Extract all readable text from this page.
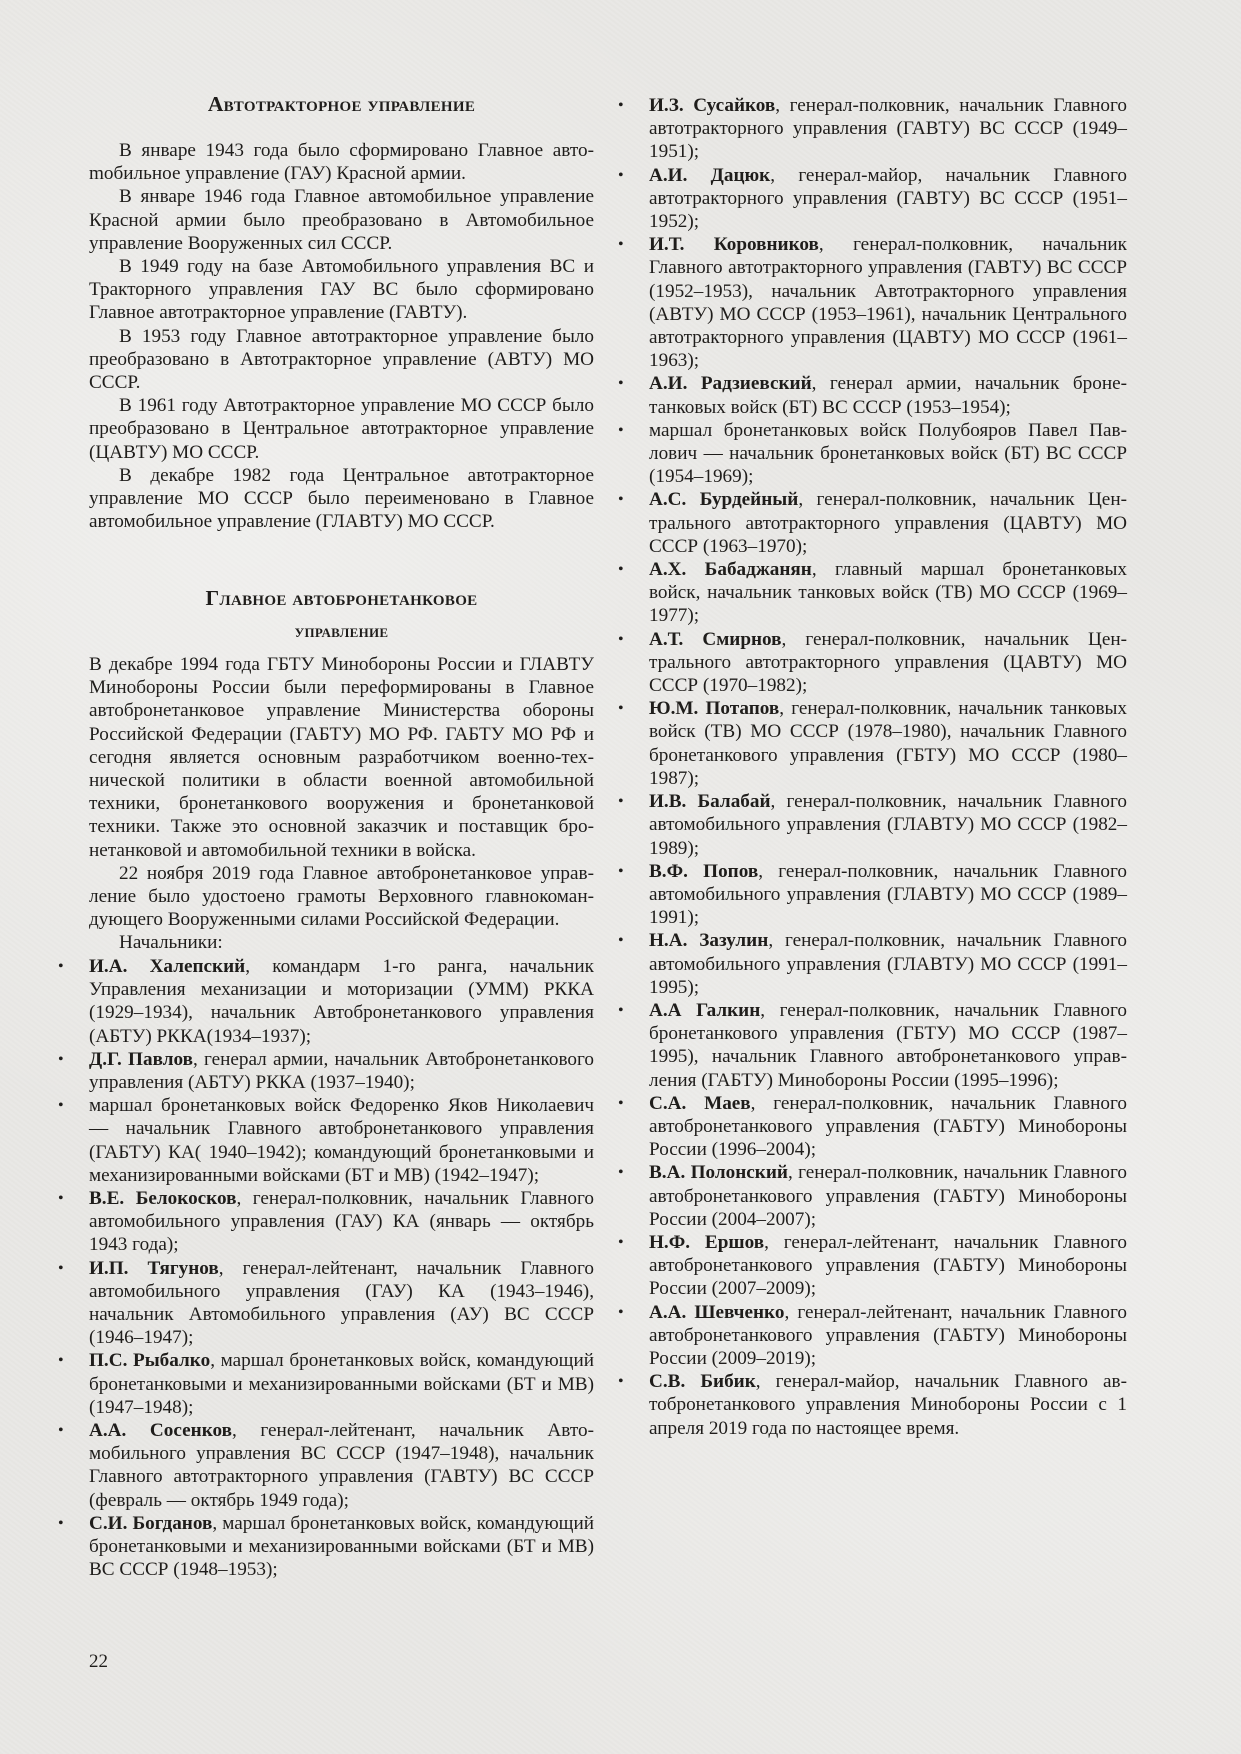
Автотракторное управление

В январе 1943 года было сформировано Главное автоmобильное управление (ГАУ) Красной армии.

В январе 1946 года Главное автомобильное управление Красной армии было преобразовано в Автомобильное управление Вооруженных сил СССР.

В 1949 году на базе Автомобильного управления ВС и Тракторного управления ГАУ ВС было сформировано Главное автотракторное управление (ГАВТУ).

В 1953 году Главное автотракторное управление было преобразовано в Автотракторное управление (АВТУ) МО СССР.

В 1961 году Автотракторное управление МО СССР было преобразовано в Центральное автотракторное управление (ЦАВТУ) МО СССР.

В декабре 1982 года Центральное автотракторное управление МО СССР было переименовано в Главное автомобильное управление (ГЛАВТУ) МО СССР.

Главное автобронетанковое
управление

В декабре 1994 года ГБТУ Минобороны России и ГЛАВТУ Минобороны России были переформированы в Главное автобронетанковое управление Министерства обороны Российской Федерации (ГАБТУ) МО РФ. ГАБТУ МО РФ и сегодня является основным разработчиком военно-технической политики в области военной автомобильной техники, бронетанкового вооружения и бронетанковой техники. Также это основной заказчик и поставщик бронетанковой и автомобильной техники в войска.

22 ноября 2019 года Главное автобронетанковое управление было удостоено грамоты Верховного главнокомандующего Вооруженными силами Российской Федерации.

Начальники:

• И.А. Халепский, командарм 1-го ранга, начальник Управления механизации и моторизации (УММ) РККА (1929–1934), начальник Автобронетанкового управления (АБТУ) РККА(1934–1937);
• Д.Г. Павлов, генерал армии, начальник Автобронетанкового управления (АБТУ) РККА (1937–1940);
• маршал бронетанковых войск Федоренко Яков Николаевич — начальник Главного автобронетанкового управления (ГАБТУ) КА( 1940–1942); командующий бронетанковыми и механизированными войсками (БТ и МВ) (1942–1947);
• В.Е. Белокосков, генерал-полковник, начальник Главного автомобильного управления (ГАУ) КА (январь — октябрь 1943 года);
• И.П. Тягунов, генерал-лейтенант, начальник Главного автомобильного управления (ГАУ) КА (1943–1946), начальник Автомобильного управления (АУ) ВС СССР (1946–1947);
• П.С. Рыбалко, маршал бронетанковых войск, командующий бронетанковыми и механизированными войсками (БТ и МВ) (1947–1948);
• А.А. Сосенков, генерал-лейтенант, начальник Автомобильного управления ВС СССР (1947–1948), начальник Главного автотракторного управления (ГАВТУ) ВС СССР (февраль — октябрь 1949 года);
• С.И. Богданов, маршал бронетанковых войск, командующий бронетанковыми и механизированными войсками (БТ и МВ) ВС СССР (1948–1953);
• И.З. Сусайков, генерал-полковник, начальник Главного автотракторного управления (ГАВТУ) ВС СССР (1949–1951);
• А.И. Дацюк, генерал-майор, начальник Главного автотракторного управления (ГАВТУ) ВС СССР (1951–1952);
• И.Т. Коровников, генерал-полковник, начальник Главного автотракторного управления (ГАВТУ) ВС СССР (1952–1953), начальник Автотракторного управления (АВТУ) МО СССР (1953–1961), начальник Центрального автотракторного управления (ЦАВТУ) МО СССР (1961–1963);
• А.И. Радзиевский, генерал армии, начальник бронетанковых войск (БТ) ВС СССР (1953–1954);
• маршал бронетанковых войск Полубояров Павел Павлович — начальник бронетанковых войск (БТ) ВС СССР (1954–1969);
• А.С. Бурдейный, генерал-полковник, начальник Центрального автотракторного управления (ЦАВТУ) МО СССР (1963–1970);
• А.Х. Бабаджанян, главный маршал бронетанковых войск, начальник танковых войск (ТВ) МО СССР (1969–1977);
• А.Т. Смирнов, генерал-полковник, начальник Центрального автотракторного управления (ЦАВТУ) МО СССР (1970–1982);
• Ю.М. Потапов, генерал-полковник, начальник танковых войск (ТВ) МО СССР (1978–1980), начальник Главного бронетанкового управления (ГБТУ) МО СССР (1980–1987);
• И.В. Балабай, генерал-полковник, начальник Главного автомобильного управления (ГЛАВТУ) МО СССР (1982–1989);
• В.Ф. Попов, генерал-полковник, начальник Главного автомобильного управления (ГЛАВТУ) МО СССР (1989–1991);
• Н.А. Зазулин, генерал-полковник, начальник Главного автомобильного управления (ГЛАВТУ) МО СССР (1991–1995);
• А.А Галкин, генерал-полковник, начальник Главного бронетанкового управления (ГБТУ) МО СССР (1987–1995), начальник Главного автобронетанкового управления (ГАБТУ) Минобороны России (1995–1996);
• С.А. Маев, генерал-полковник, начальник Главного автобронетанкового управления (ГАБТУ) Минобороны России (1996–2004);
• В.А. Полонский, генерал-полковник, начальник Главного автобронетанкового управления (ГАБТУ) Минобороны России (2004–2007);
• Н.Ф. Ершов, генерал-лейтенант, начальник Главного автобронетанкового управления (ГАБТУ) Минобороны России (2007–2009);
• А.А. Шевченко, генерал-лейтенант, начальник Главного автобронетанкового управления (ГАБТУ) Минобороны России (2009–2019);
• С.В. Бибик, генерал-майор, начальник Главного автобронетанкового управления Минобороны России с 1 апреля 2019 года по настоящее время.
22
